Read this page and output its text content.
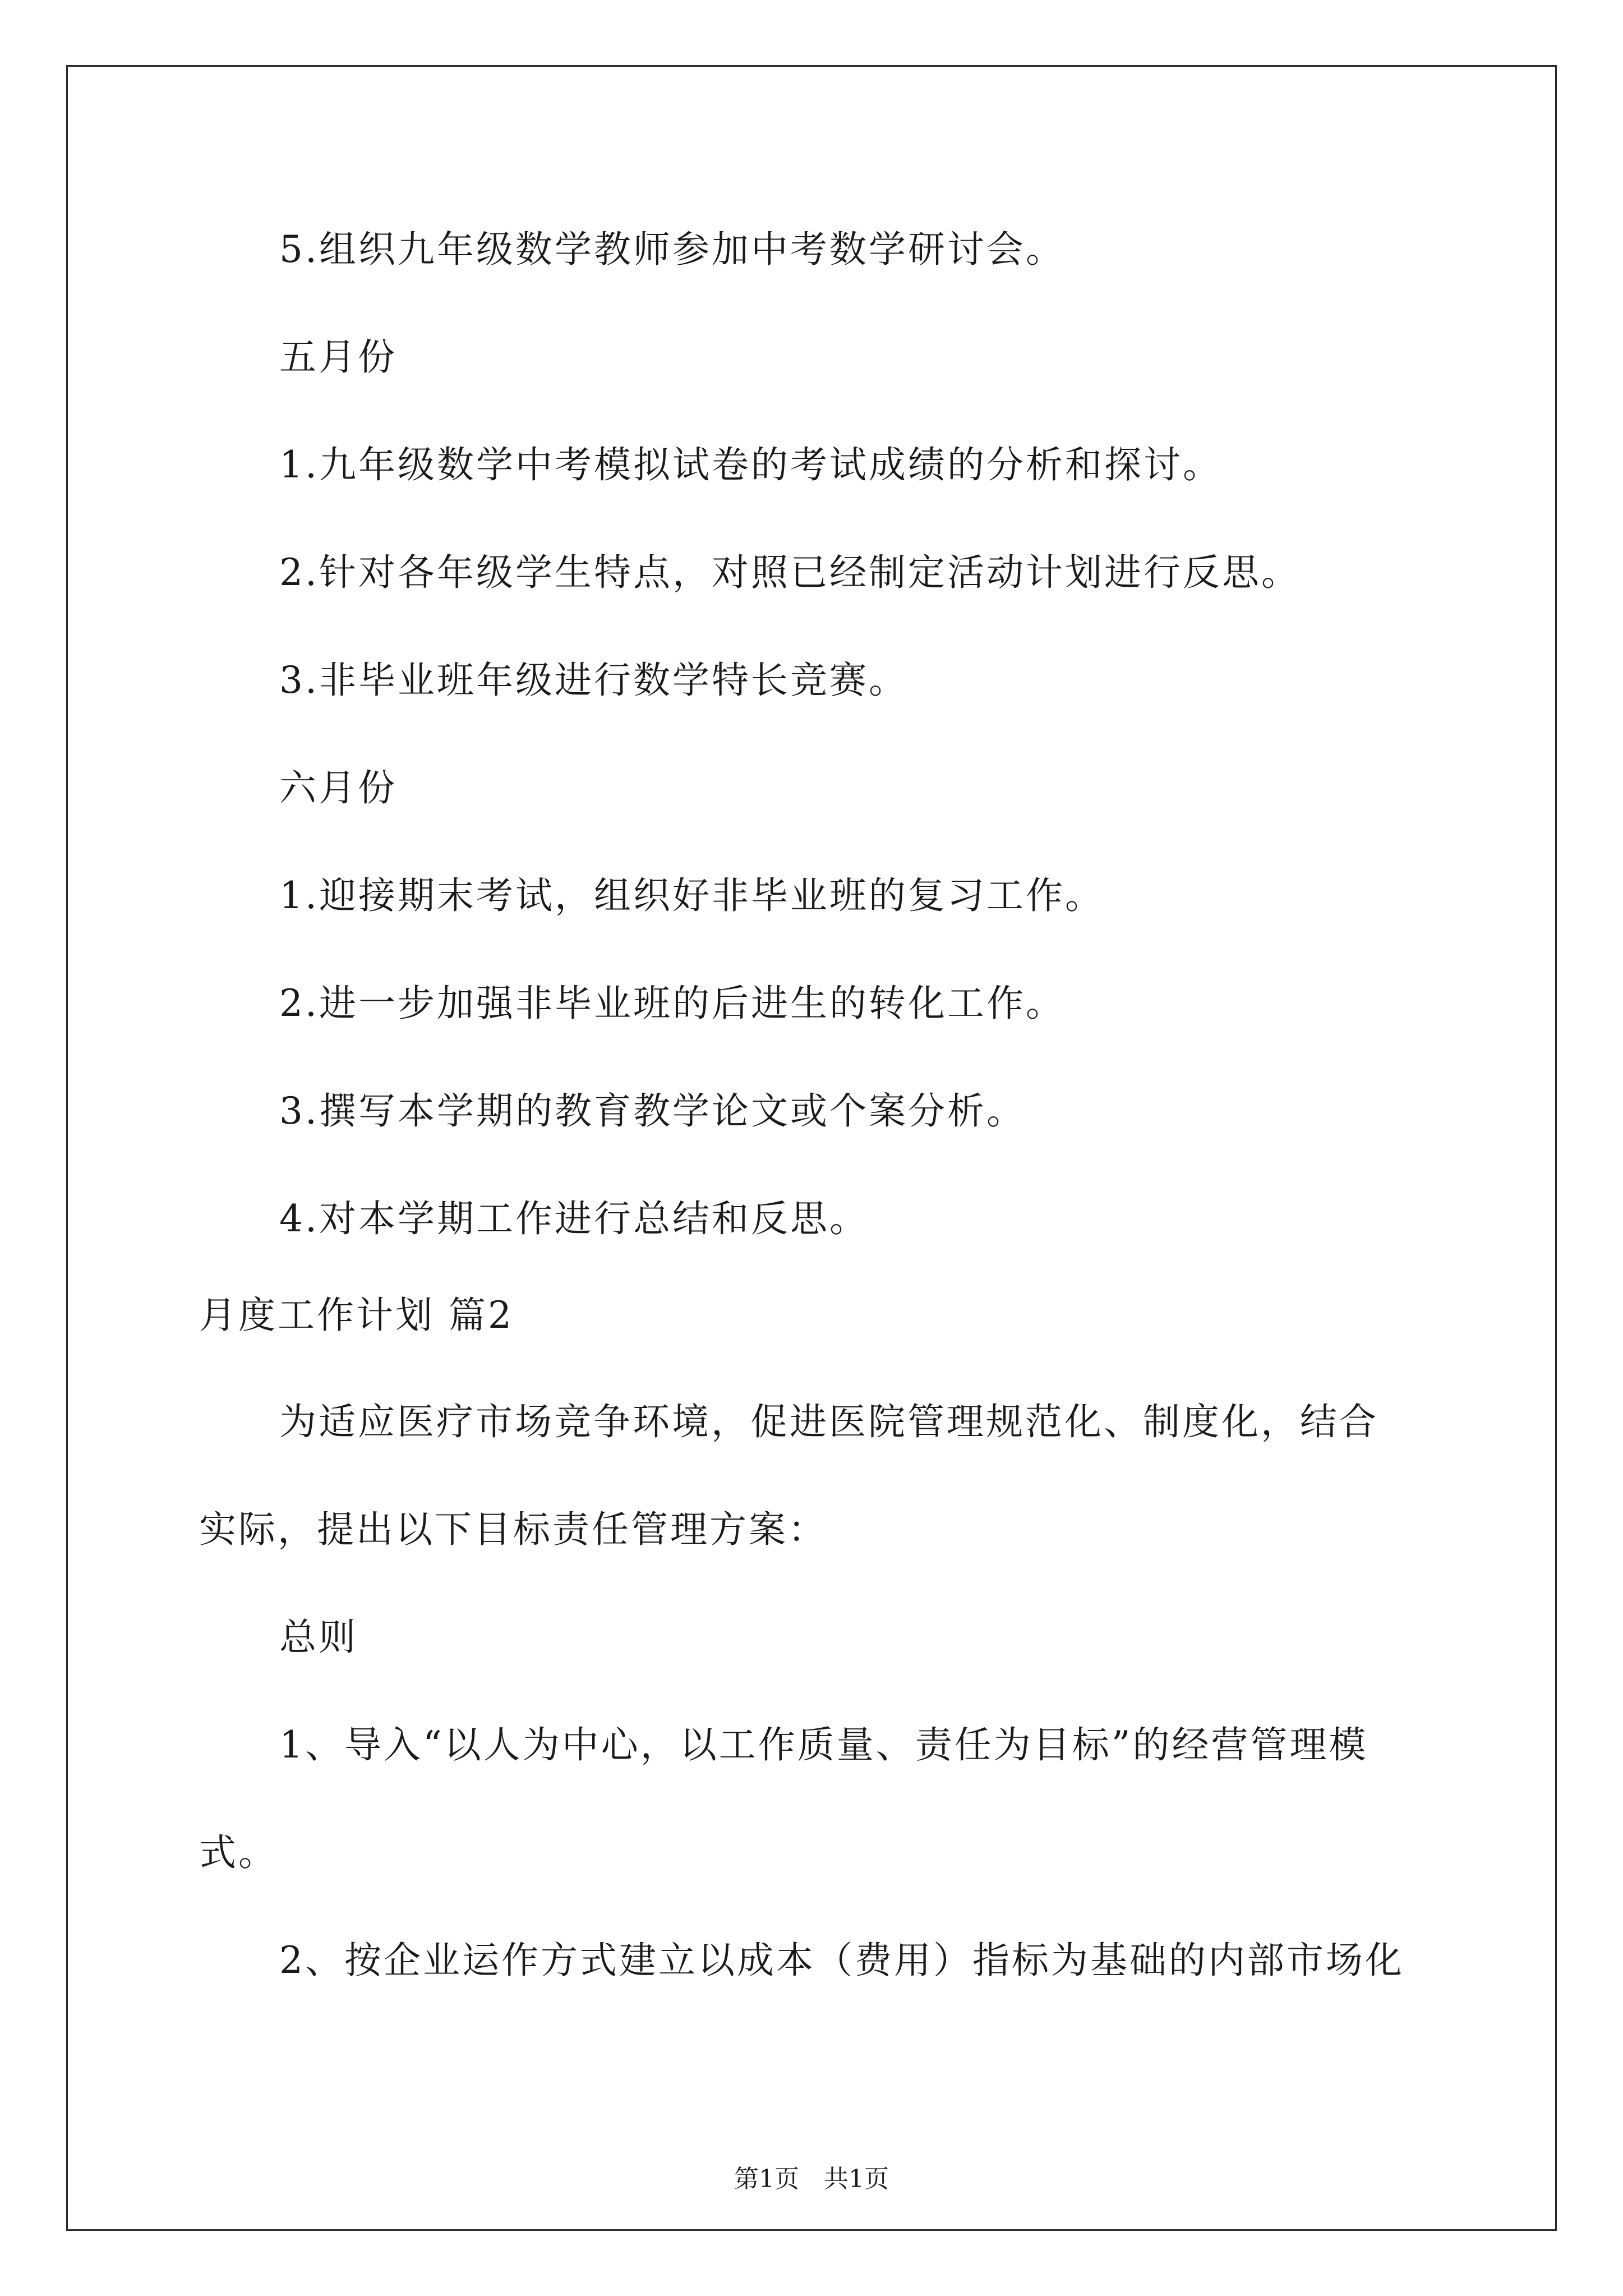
5.组织九年级数学教师参加中考数学研讨会。
五月份
1.九年级数学中考模拟试卷的考试成绩的分析和探讨。
2.针对各年级学生特点，对照已经制定活动计划进行反思。
3.非毕业班年级进行数学特长竞赛。
六月份
1.迎接期末考试，组织好非毕业班的复习工作。
2.进一步加强非毕业班的后进生的转化工作。
3.撰写本学期的教育教学论文或个案分析。
4.对本学期工作进行总结和反思。
月度工作计划 篇2
为适应医疗市场竞争环境，促进医院管理规范化、制度化，结合
实际，提出以下目标责任管理方案：
总则
1、导入“以人为中心，以工作质量、责任为目标”的经营管理模
式。
2、按企业运作方式建立以成本（费用）指标为基础的内部市场化
第1页　共1页
